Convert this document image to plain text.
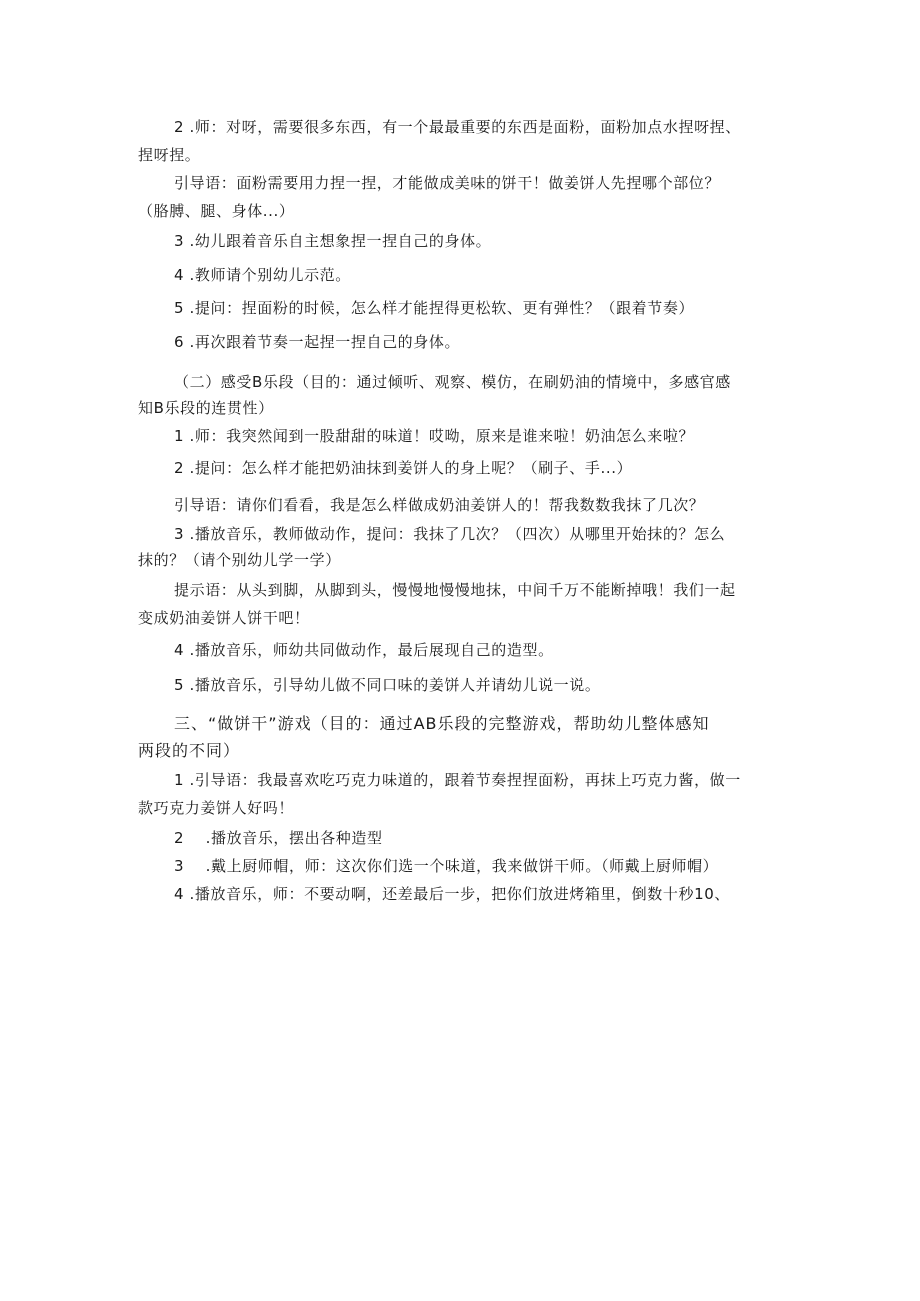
2 .师：对呀，需要很多东西，有一个最最重要的东西是面粉，面粉加点水捏呀捏、
捏呀捏。
引导语：面粉需要用力捏一捏，才能做成美味的饼干！做姜饼人先捏哪个部位？
（胳膊、腿、身体...）
3 .幼儿跟着音乐自主想象捏一捏自己的身体。
4 .教师请个别幼儿示范。
5 .提问：捏面粉的时候，怎么样才能捏得更松软、更有弹性？（跟着节奏）
6 .再次跟着节奏一起捏一捏自己的身体。
（二）感受B乐段（目的：通过倾听、观察、模仿，在刷奶油的情境中，多感官感
知B乐段的连贯性）
1 .师：我突然闻到一股甜甜的味道！哎呦，原来是谁来啦！奶油怎么来啦？
2 .提问：怎么样才能把奶油抹到姜饼人的身上呢？（刷子、手...）
引导语：请你们看看，我是怎么样做成奶油姜饼人的！帮我数数我抹了几次？
3 .播放音乐，教师做动作，提问：我抹了几次？（四次）从哪里开始抹的？怎么
抹的？（请个别幼儿学一学）
提示语：从头到脚，从脚到头，慢慢地慢慢地抹，中间千万不能断掉哦！我们一起
变成奶油姜饼人饼干吧！
4 .播放音乐，师幼共同做动作，最后展现自己的造型。
5 .播放音乐，引导幼儿做不同口味的姜饼人并请幼儿说一说。
三、“做饼干”游戏（目的：通过AB乐段的完整游戏，帮助幼儿整体感知
两段的不同）
1 .引导语：我最喜欢吃巧克力味道的，跟着节奏捏捏面粉，再抹上巧克力酱，做一
款巧克力姜饼人好吗！
2    .播放音乐，摆出各种造型
3    .戴上厨师帽，师：这次你们选一个味道，我来做饼干师。（师戴上厨师帽）
4 .播放音乐，师：不要动啊，还差最后一步，把你们放进烤箱里，倒数十秒10、
